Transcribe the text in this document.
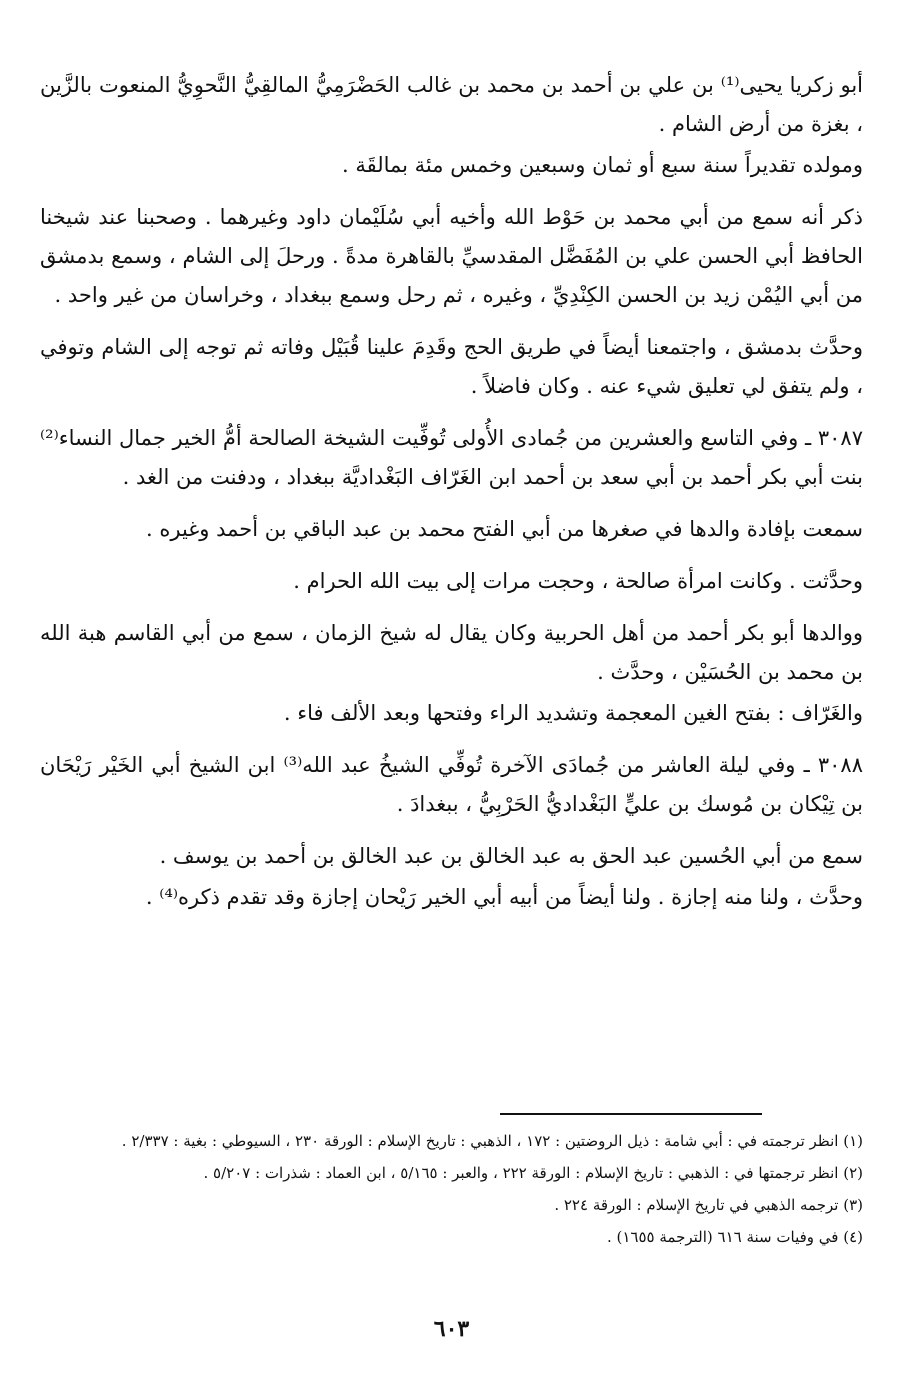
أبو زكريا يحيى⁽¹⁾ بن علي بن أحمد بن محمد بن غالب الحَضْرَمِيُّ المالقِيُّ النَّحوِيُّ المنعوت بالزَّين ، بغزة من أرض الشام .

ومولده تقديراً سنة سبع أو ثمان وسبعين وخمس مئة بمالقَة .

ذكر أنه سمع من أبي محمد بن حَوْط الله وأخيه أبي سُلَيْمان داود وغيرهما . وصحبنا عند شيخنا الحافظ أبي الحسن علي بن المُفَضَّل المقدسيِّ بالقاهرة مدةً . ورحلَ إلى الشام ، وسمع بدمشق من أبي اليُمْن زيد بن الحسن الكِنْدِيِّ ، وغيره ، ثم رحل وسمع ببغداد ، وخراسان من غير واحد .

وحدَّث بدمشق ، واجتمعنا أيضاً في طريق الحج وقَدِمَ علينا قُبَيْل وفاته ثم توجه إلى الشام وتوفي ، ولم يتفق لي تعليق شيء عنه . وكان فاضلاً .

٣٠٨٧ ـ وفي التاسع والعشرين من جُمادى الأُولى تُوفِّيت الشيخة الصالحة أمُّ الخير جمال النساء⁽²⁾ بنت أبي بكر أحمد بن أبي سعد بن أحمد ابن الغَرّاف البَغْداديَّة ببغداد ، ودفنت من الغد .

سمعت بإفادة والدها في صغرها من أبي الفتح محمد بن عبد الباقي بن أحمد وغيره .

وحدَّثت . وكانت امرأة صالحة ، وحجت مرات إلى بيت الله الحرام .

ووالدها أبو بكر أحمد من أهل الحربية وكان يقال له شيخ الزمان ، سمع من أبي القاسم هبة الله بن محمد بن الحُسَيْن ، وحدَّث .

والغَرّاف : بفتح الغين المعجمة وتشديد الراء وفتحها وبعد الألف فاء .

٣٠٨٨ ـ وفي ليلة العاشر من جُمادَى الآخرة تُوفِّي الشيخُ عبد الله⁽³⁾ ابن الشيخ أبي الخَيْر رَيْحَان بن تِيْكان بن مُوسك بن عليٍّ البَغْداديُّ الحَرْبِيُّ ، ببغدادَ .

سمع من أبي الحُسين عبد الحق به عبد الخالق بن عبد الخالق بن أحمد بن يوسف .

وحدَّث ، ولنا منه إجازة . ولنا أيضاً من أبيه أبي الخير رَيْحان إجازة وقد تقدم ذكره⁽⁴⁾ .

(١) انظر ترجمته في : أبي شامة : ذيل الروضتين : ١٧٢ ، الذهبي : تاريخ الإسلام : الورقة ٢٣٠ ، السيوطي : بغية : ٢/٣٣٧ .

(٢) انظر ترجمتها في : الذهبي : تاريخ الإسلام : الورقة ٢٢٢ ، والعبر : ٥/١٦٥ ، ابن العماد : شذرات : ٥/٢٠٧ .

(٣) ترجمه الذهبي في تاريخ الإسلام : الورقة ٢٢٤ .

(٤) في وفيات سنة ٦١٦ (الترجمة ١٦٥٥) .

٦٠٣
